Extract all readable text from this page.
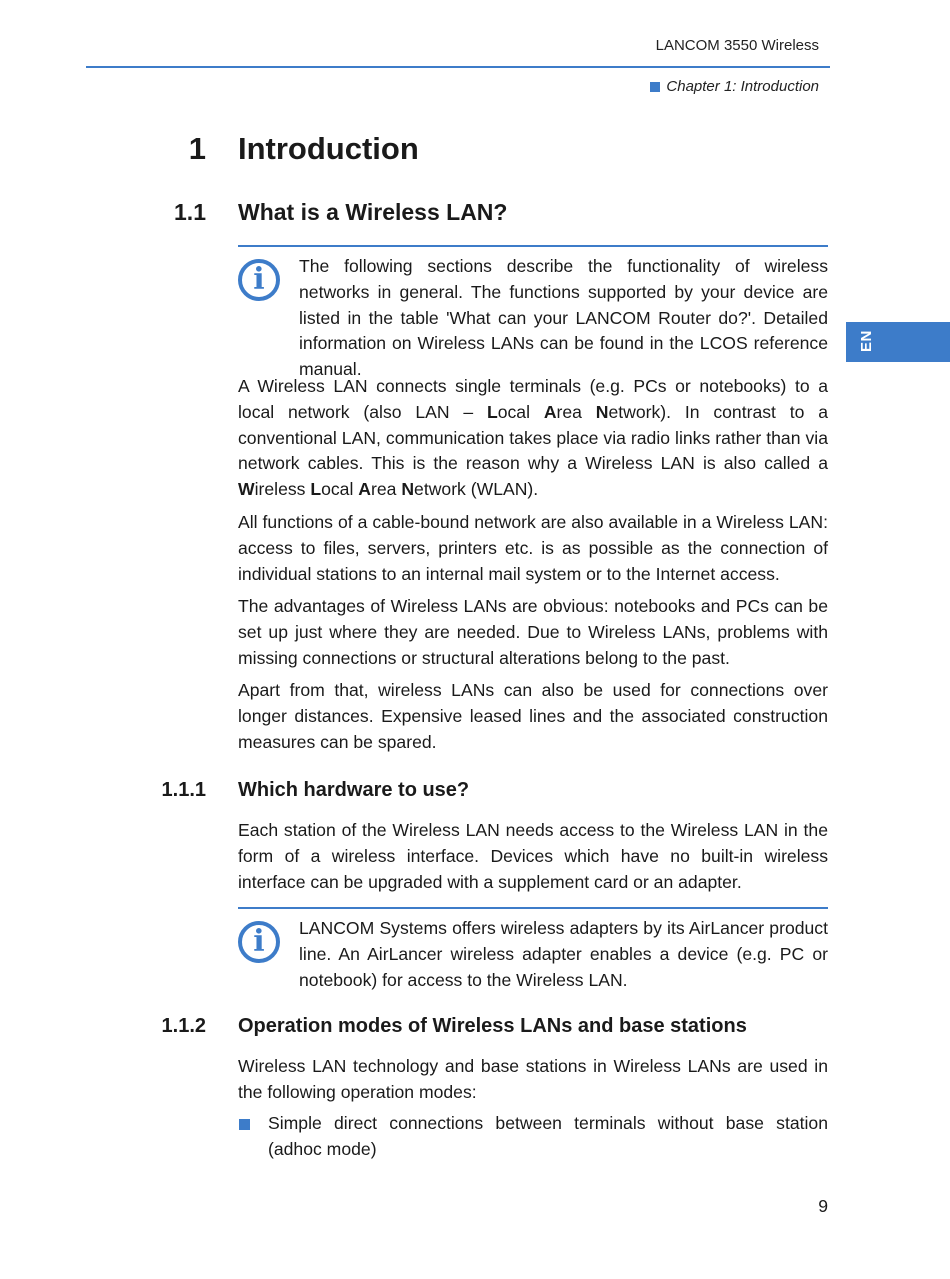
LANCOM 3550 Wireless
Chapter 1: Introduction
EN
1 Introduction
1.1 What is a Wireless LAN?
i	The following sections describe the functionality of wireless networks in general. The functions supported by your device are listed in the table 'What can your LANCOM Router do?'. Detailed information on Wireless LANs can be found in the LCOS reference manual.

A Wireless LAN connects single terminals (e.g. PCs or notebooks) to a local network (also LAN – Local Area Network). In contrast to a conventional LAN, communication takes place via radio links rather than via network cables. This is the reason why a Wireless LAN is also called a Wireless Local Area Network (WLAN).

All functions of a cable-bound network are also available in a Wireless LAN: access to files, servers, printers etc. is as possible as the connection of individual stations to an internal mail system or to the Internet access.

The advantages of Wireless LANs are obvious: notebooks and PCs can be set up just where they are needed. Due to Wireless LANs, problems with missing connections or structural alterations belong to the past.

Apart from that, wireless LANs can also be used for connections over longer distances. Expensive leased lines and the associated construction measures can be spared.

1.1.1 Which hardware to use?

Each station of the Wireless LAN needs access to the Wireless LAN in the form of a wireless interface. Devices which have no built-in wireless interface can be upgraded with a supplement card or an adapter.

i	LANCOM Systems offers wireless adapters by its AirLancer product line. An AirLancer wireless adapter enables a device (e.g. PC or notebook) for access to the Wireless LAN.

1.1.2 Operation modes of Wireless LANs and base stations

Wireless LAN technology and base stations in Wireless LANs are used in the following operation modes:

Simple direct connections between terminals without base station (adhoc mode)

9
